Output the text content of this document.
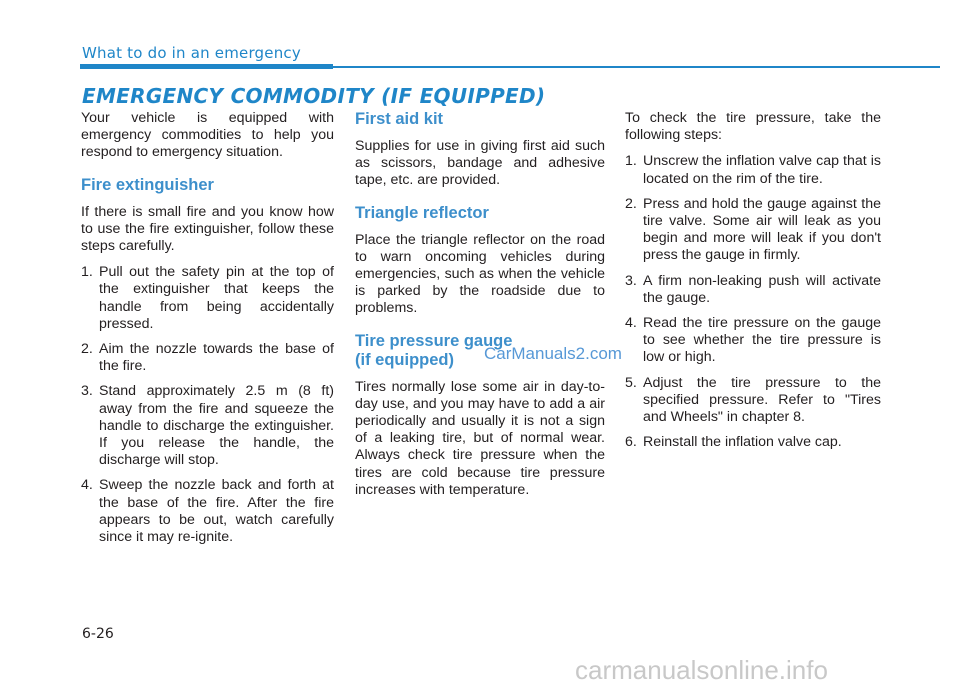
What to do in an emergency
EMERGENCY COMMODITY (IF EQUIPPED)

Your vehicle is equipped with emergency commodities to help you respond to emergency situation.

Fire extinguisher

If there is small fire and you know how to use the fire extinguisher, follow these steps carefully.

1. Pull out the safety pin at the top of the extinguisher that keeps the handle from being accidentally pressed.
2. Aim the nozzle towards the base of the fire.
3. Stand approximately 2.5 m (8 ft) away from the fire and squeeze the handle to discharge the extinguisher. If you release the handle, the discharge will stop.
4. Sweep the nozzle back and forth at the base of the fire. After the fire appears to be out, watch carefully since it may re-ignite.
First aid kit

Supplies for use in giving first aid such as scissors, bandage and adhesive tape, etc. are provided.

Triangle reflector

Place the triangle reflector on the road to warn oncoming vehicles during emergencies, such as when the vehicle is parked by the roadside due to problems.

Tire pressure gauge
(if equipped)

Tires normally lose some air in day-to-day use, and you may have to add a air periodically and usually it is not a sign of a leaking tire, but of normal wear. Always check tire pressure when the tires are cold because tire pressure increases with temperature.

To check the tire pressure, take the following steps:

1. Unscrew the inflation valve cap that is located on the rim of the tire.
2. Press and hold the gauge against the tire valve. Some air will leak as you begin and more will leak if you don't press the gauge in firmly.
3. A firm non-leaking push will activate the gauge.
4. Read the tire pressure on the gauge to see whether the tire pressure is low or high.
5. Adjust the tire pressure to the specified pressure. Refer to "Tires and Wheels" in chapter 8.
6. Reinstall the inflation valve cap.
CarManuals2.com
6-26
carmanualsonline.info
